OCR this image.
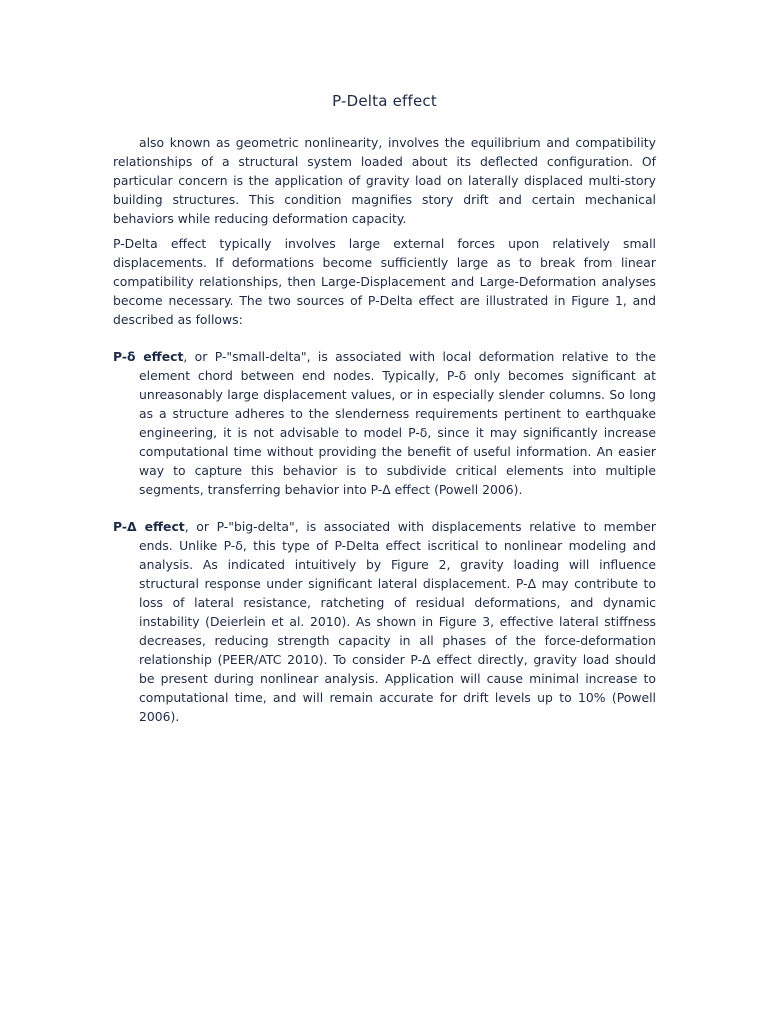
P-Delta effect

also known as geometric nonlinearity, involves the equilibrium and compatibility relationships of a structural system loaded about its deflected configuration. Of particular concern is the application of gravity load on laterally displaced multi-story building structures. This condition magnifies story drift and certain mechanical behaviors while reducing deformation capacity.

P-Delta effect typically involves large external forces upon relatively small displacements. If deformations become sufficiently large as to break from linear compatibility relationships, then Large-Displacement and Large-Deformation analyses become necessary. The two sources of P-Delta effect are illustrated in Figure 1, and described as follows:

P-δ effect, or P-"small-delta", is associated with local deformation relative to the element chord between end nodes. Typically, P-δ only becomes significant at unreasonably large displacement values, or in especially slender columns. So long as a structure adheres to the slenderness requirements pertinent to earthquake engineering, it is not advisable to model P-δ, since it may significantly increase computational time without providing the benefit of useful information. An easier way to capture this behavior is to subdivide critical elements into multiple segments, transferring behavior into P-Δ effect (Powell 2006).

P-Δ effect, or P-"big-delta", is associated with displacements relative to member ends. Unlike P-δ, this type of P-Delta effect iscritical to nonlinear modeling and analysis. As indicated intuitively by Figure 2, gravity loading will influence structural response under significant lateral displacement. P-Δ may contribute to loss of lateral resistance, ratcheting of residual deformations, and dynamic instability (Deierlein et al. 2010). As shown in Figure 3, effective lateral stiffness decreases, reducing strength capacity in all phases of the force-deformation relationship (PEER/ATC 2010). To consider P-Δ effect directly, gravity load should be present during nonlinear analysis. Application will cause minimal increase to computational time, and will remain accurate for drift levels up to 10% (Powell 2006).
